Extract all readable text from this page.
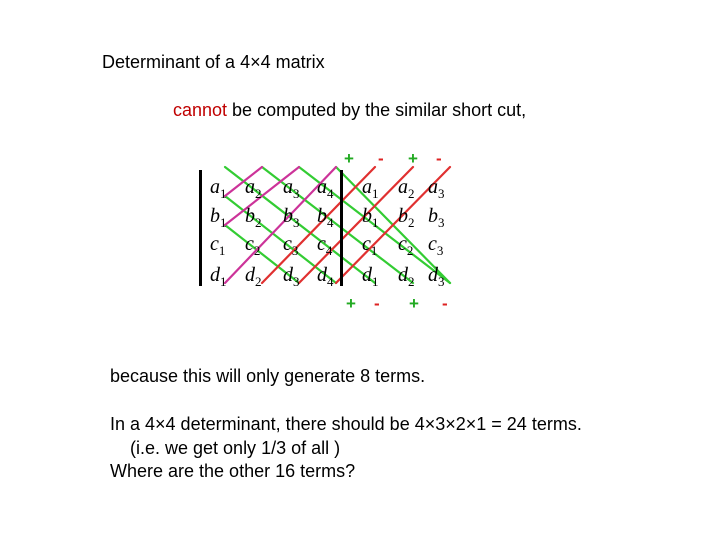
Determinant of a 4×4 matrix
cannot be computed by the similar short cut,
$a_1$ $a_2$ $a_3$ $a_4$
$b_1$ $b_2$ $b_3$ $b_4$
$c_1$ $c_2$ $c_3$ $c_4$
$d_1$ $d_2$ $d_3$ $d_4$
$a_1$ $a_2$ $a_3$
$b_1$ $b_2$ $b_3$
$c_1$ $c_2$ $c_3$
$d_1$ $d_2$ $d_3$
+ - + -
+ - + -
because this will only generate 8 terms.
In a 4×4 determinant, there should be 4×3×2×1 = 24 terms.
(i.e. we get only 1/3 of all )
Where are the other 16 terms?
